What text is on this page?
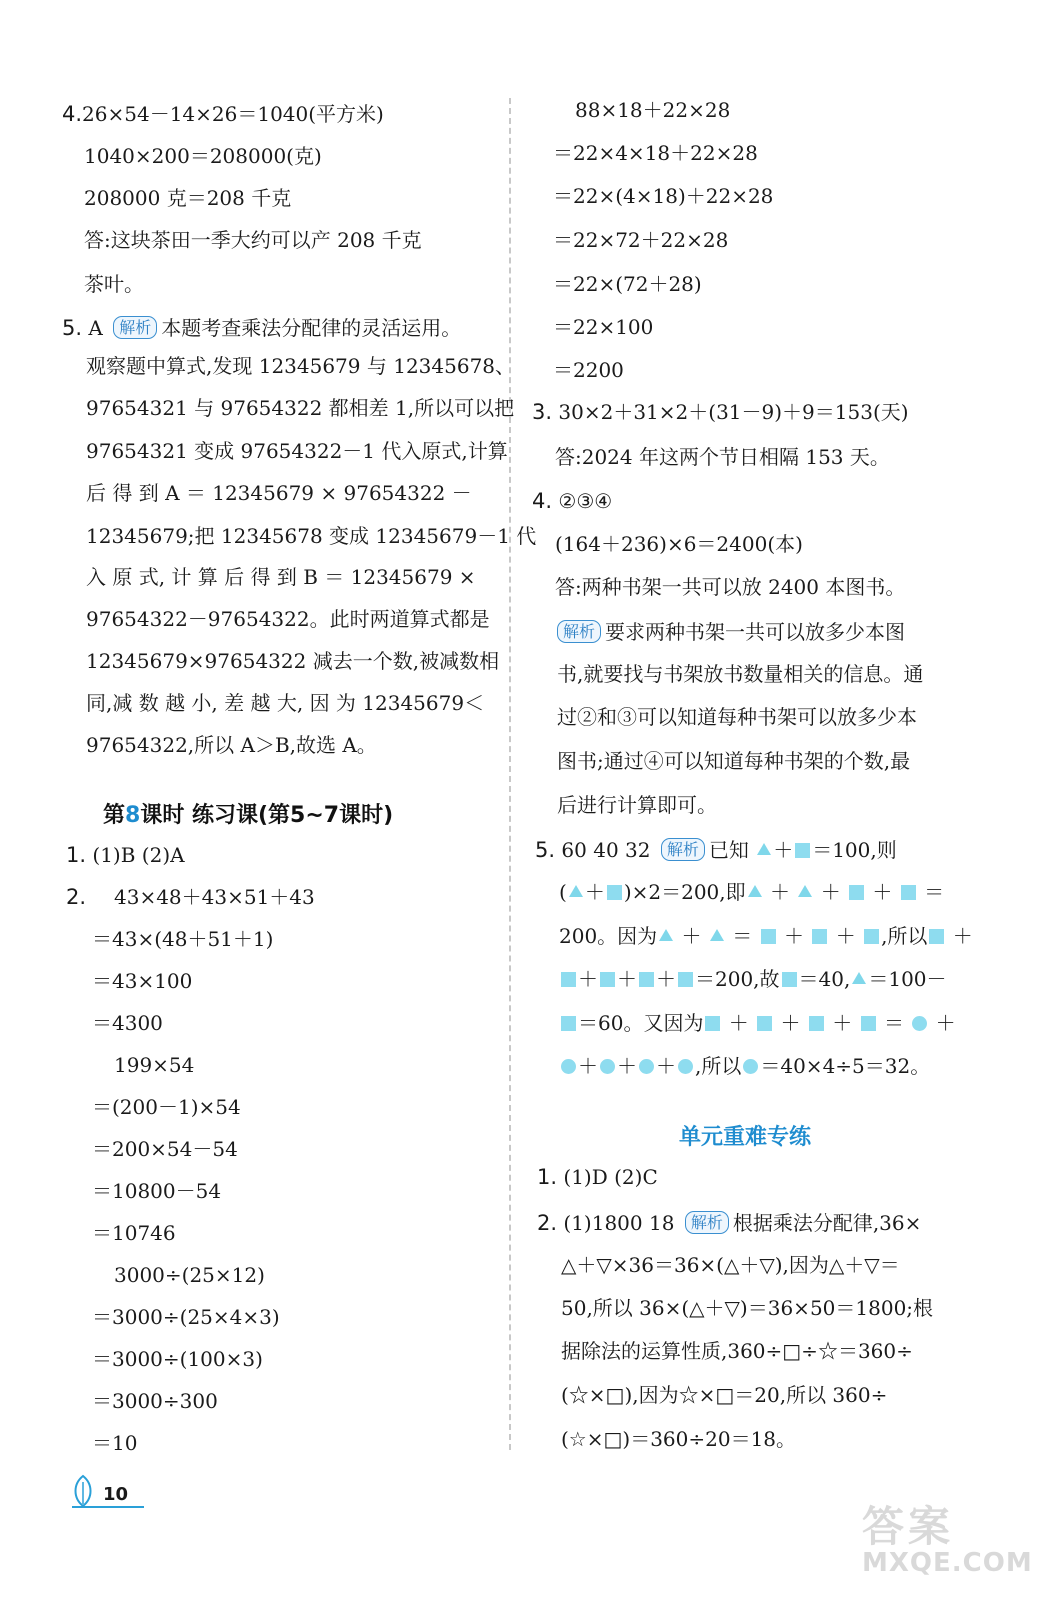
4.26×54－14×26＝1040(平方米)
1040×200＝208000(克)
208000 克＝208 千克
答:这块茶田一季大约可以产 208 千克
茶叶。
5. A 解析 本题考查乘法分配律的灵活运用。
观察题中算式,发现 12345679 与 12345678、
97654321 与 97654322 都相差 1,所以可以把
97654321 变成 97654322－1 代入原式,计算
后 得 到 A ＝ 12345679 × 97654322 －
12345679;把 12345678 变成 12345679－1 代
入 原 式, 计 算 后 得 到 B ＝ 12345679 ×
97654322－97654322。此时两道算式都是
12345679×97654322 减去一个数,被减数相
同,减 数 越 小, 差 越 大, 因 为 12345679＜
97654322,所以 A＞B,故选 A。
第8课时 练习课(第5~7课时)
1. (1)B (2)A
2. 43×48＋43×51＋43
＝43×(48＋51＋1)
＝43×100
＝4300
199×54
＝(200－1)×54
＝200×54－54
＝10800－54
＝10746
3000÷(25×12)
＝3000÷(25×4×3)
＝3000÷(100×3)
＝3000÷300
＝10
88×18＋22×28
＝22×4×18＋22×28
＝22×(4×18)＋22×28
＝22×72＋22×28
＝22×(72＋28)
＝22×100
＝2200
3. 30×2＋31×2＋(31－9)＋9＝153(天)
答:2024 年这两个节日相隔 153 天。
4. ②③④
(164＋236)×6＝2400(本)
答:两种书架一共可以放 2400 本图书。
解析 要求两种书架一共可以放多少本图
书,就要找与书架放书数量相关的信息。通
过②和③可以知道每种书架可以放多少本
图书;通过④可以知道每种书架的个数,最
后进行计算即可。
5. 60 40 32 解析 已知 ＋ ＝100,则
( ＋ )×2＝200,即 ＋  ＋  ＋  ＝
200。因为 ＋  ＝  ＋  ＋ ,所以 ＋
＋ ＋ ＋ ＝200,故 ＝40, ＝100－
＝60。又因为 ＋  ＋  ＋  ＝  ＋
＋ ＋ ＋ ,所以 ＝40×4÷5＝32。
单元重难专练
1. (1)D (2)C
2. (1)1800 18 解析 根据乘法分配律,36×
△＋▽×36＝36×(△＋▽),因为△＋▽＝
50,所以 36×(△＋▽)＝36×50＝1800;根
据除法的运算性质,360÷□÷☆＝360÷
(☆×□),因为☆×□＝20,所以 360÷
(☆×□)＝360÷20＝18。
10
答案
MXQE.COM
